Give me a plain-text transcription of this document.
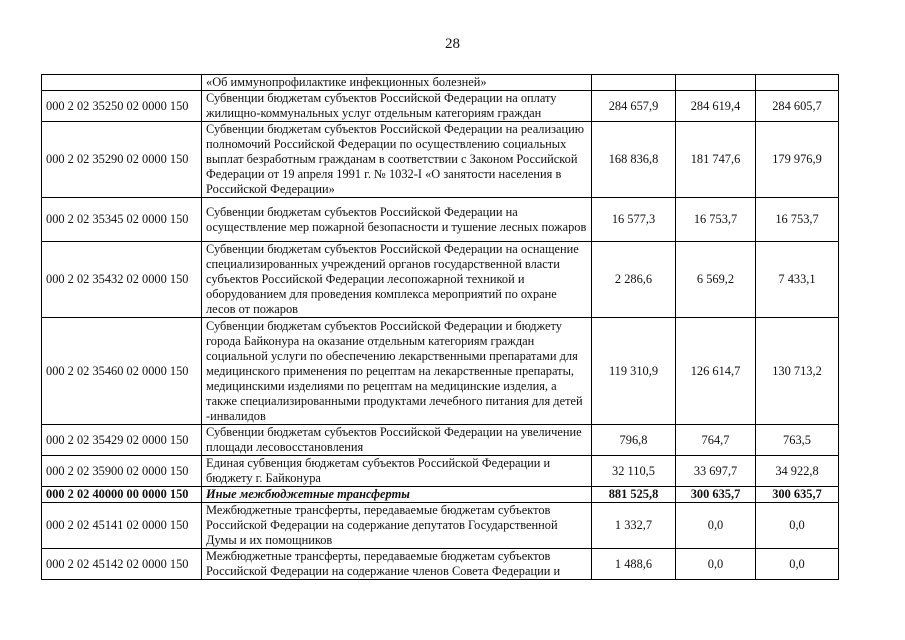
28
	«Об иммунопрофилактике инфекционных болезней»			
000 2 02 35250 02 0000 150	Субвенции бюджетам субъектов Российской Федерации на оплату жилищно-коммунальных услуг отдельным категориям граждан	284 657,9	284 619,4	284 605,7
000 2 02 35290 02 0000 150	Субвенции бюджетам субъектов Российской Федерации на реализацию полномочий Российской Федерации по осуществлению социальных выплат безработным гражданам в соответствии с Законом Российской Федерации от 19 апреля 1991 г. № 1032-I «О занятости населения в Российской Федерации»	168 836,8	181 747,6	179 976,9
000 2 02 35345 02 0000 150	Субвенции бюджетам субъектов Российской Федерации на осуществление мер пожарной безопасности и тушение лесных пожаров	16 577,3	16 753,7	16 753,7
000 2 02 35432 02 0000 150	Субвенции бюджетам субъектов Российской Федерации на оснащение специализированных учреждений органов государственной власти субъектов Российской Федерации лесопожарной техникой и оборудованием для проведения комплекса мероприятий по охране лесов от пожаров	2 286,6	6 569,2	7 433,1
000 2 02 35460 02 0000 150	Субвенции бюджетам субъектов Российской Федерации и бюджету города Байконура на оказание отдельным категориям граждан социальной услуги по обеспечению лекарственными препаратами для медицинского применения по рецептам на лекарственные препараты, медицинскими изделиями по рецептам на медицинские изделия, а также специализированными продуктами лечебного питания для детей -инвалидов	119 310,9	126 614,7	130 713,2
000 2 02 35429 02 0000 150	Субвенции бюджетам субъектов Российской Федерации на увеличение площади лесовосстановления	796,8	764,7	763,5
000 2 02 35900 02 0000 150	Единая субвенция бюджетам субъектов Российской Федерации и бюджету г. Байконура	32 110,5	33 697,7	34 922,8
000 2 02 40000 00 0000 150	Иные межбюджетные трансферты	881 525,8	300 635,7	300 635,7
000 2 02 45141 02 0000 150	Межбюджетные трансферты, передаваемые бюджетам субъектов Российской Федерации на содержание депутатов Государственной Думы и их помощников	1 332,7	0,0	0,0
000 2 02 45142 02 0000 150	Межбюджетные трансферты, передаваемые бюджетам субъектов Российской Федерации на содержание членов Совета Федерации и	1 488,6	0,0	0,0
